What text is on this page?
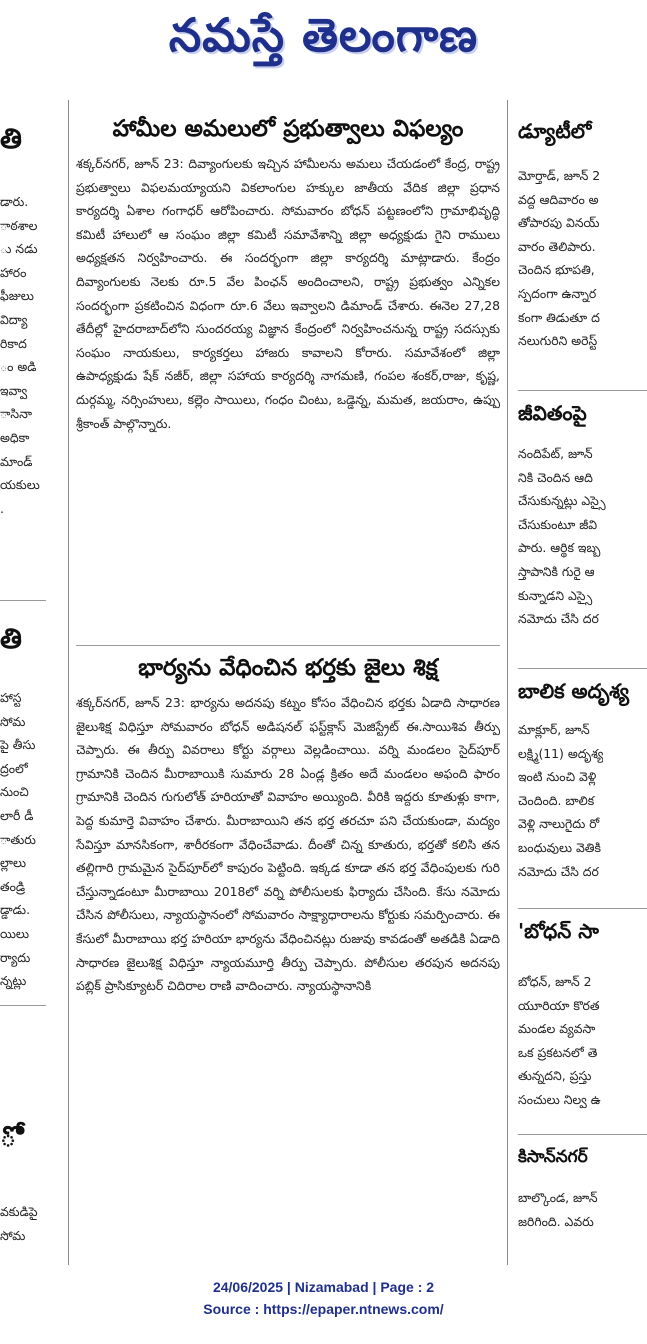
నమస్తే తెలంగాణ
తి
డారు.
ాఠశాల
ు నడు
హారం
ఫీజులు
విద్యా
రికాద
ం అడి
ఇవ్వా
ాసినా
అధికా
మాండ్
యకులు
.
తి
హాస్ట
సోమ
పై తీసు
ద్రంలో
నుంచి
లారీ డీ
ాతురు
ల్లాలు
తండ్రి
డ్డాడు.
యిలు
ర్యాదు
న్నట్లు
ో'
వకుడిపై
సోమ
హామీల అమలులో ప్రభుత్వాలు విఫల్యం

శక్కర్‌నగర్, జూన్ 23: దివ్యాంగులకు ఇచ్చిన హామీలను అమలు చేయడంలో కేంద్ర, రాష్ట్ర ప్రభుత్వాలు విఫలమయ్యాయని వికలాంగుల హక్కుల జాతీయ వేదిక జిల్లా ప్రధాన కార్యదర్శి ఏశాల గంగాధర్ ఆరోపించారు. సోమవారం బోధన్ పట్టణంలోని గ్రామాభివృద్ధి కమిటీ హాలులో ఆ సంఘం జిల్లా కమిటీ సమావేశాన్ని జిల్లా అధ్యక్షుడు గైని రాములు అధ్యక్షతన నిర్వహించారు. ఈ సందర్భంగా జిల్లా కార్యదర్శి మాట్లాడారు. కేంద్రం దివ్యాంగులకు నెలకు రూ.5 వేల పింఛన్ అందించాలని, రాష్ట్ర ప్రభుత్వం ఎన్నికల సందర్భంగా ప్రకటించిన విధంగా రూ.6 వేలు ఇవ్వాలని డిమాండ్ చేశారు. ఈనెల 27,28 తేదీల్లో హైదరాబాద్‌లోని సుందరయ్య విజ్ఞాన కేంద్రంలో నిర్వహించనున్న రాష్ట్ర సదస్సుకు సంఘం నాయకులు, కార్యకర్తలు హాజరు కావాలని కోరారు. సమావేశంలో జిల్లా ఉపాధ్యక్షుడు షేక్ నజీర్, జిల్లా సహాయ కార్యదర్శి నాగమణి, గంపల శంకర్,రాజు, కృష్ణ, దుర్గమ్మ, నర్సింహులు, కల్లెం సాయిలు, గంధం చింటు, ఒడ్డెన్న, మమత, జయరాం, ఉప్పు శ్రీకాంత్ పాల్గొన్నారు.

భార్యను వేధించిన భర్తకు జైలు శిక్ష

శక్కర్‌నగర్, జూన్ 23: భార్యను అదనపు కట్నం కోసం వేధించిన భర్తకు ఏడాది సాధారణ జైలుశిక్ష విధిస్తూ సోమవారం బోధన్ అడిషనల్ ఫస్ట్‌క్లాస్ మెజిస్ట్రేట్ ఈ.సాయిశివ తీర్పు చెప్పారు. ఈ తీర్పు వివరాలు కోర్టు వర్గాలు వెల్లడించాయి. వర్ని మండలం సైద్‌పూర్ గ్రామానికి చెందిన మీరాబాయికి సుమారు 28 ఏండ్ల క్రితం అదే మండలం అఫంది ఫారం గ్రామానికి చెందిన గుగులోత్ హరియాతో వివాహం అయ్యింది. వీరికి ఇద్దరు కూతుళ్లు కాగా, పెద్ద కుమార్తె వివాహం చేశారు. మీరాబాయిని తన భర్త తరచూ పని చేయకుండా, మద్యం సేవిస్తూ మానసికంగా, శారీరకంగా వేధించేవాడు. దీంతో చిన్న కూతురు, భర్తతో కలిసి తన తల్లిగారి గ్రామమైన సైద్‌పూర్‌లో కాపురం పెట్టింది. ఇక్కడ కూడా తన భర్త వేధింపులకు గురి చేస్తున్నాడంటూ మీరాబాయి 2018లో వర్ని పోలీసులకు ఫిర్యాదు చేసింది. కేసు నమోదు చేసిన పోలీసులు, న్యాయస్థానంలో సోమవారం సాక్ష్యాధారాలను కోర్టుకు సమర్పించారు. ఈ కేసులో మీరాబాయి భర్త హరియా భార్యను వేధించినట్లు రుజువు కావడంతో అతడికి ఏడాది సాధారణ జైలుశిక్ష విధిస్తూ న్యాయమూర్తి తీర్పు చెప్పారు. పోలీసుల తరపున అదనపు పబ్లిక్ ప్రాసిక్యూటర్ చిదిరాల రాణి వాదించారు. న్యాయస్థానానికి

డ్యూటీలో
మోర్తాడ్, జూన్ 2
వద్ద ఆదివారం అ
తోపారపు వినయ్
వారం తెలిపారు.
చెందిన భూపతి,
స్పదంగా ఉన్నార
కంగా తిడుతూ ద
నలుగురిని అరెస్ట్
జీవితంపై
నందిపేట్, జూన్
నికి చెందిన ఆది
చేసుకున్నట్లు ఎస్సై
చేసుకుంటూ జీవి
పారు. ఆర్థిక ఇబ్బ
స్తాపానికి గురై ఆ
కున్నాడని ఎస్సై
నమోదు చేసి దర
బాలిక అదృశ్య
మాక్లూర్, జూన్
లక్ష్మి(11) అదృశ్య
ఇంటి నుంచి వెళ్లి
చెందింది. బాలిక
వెళ్లి నాలుగైదు రో
బంధువులు వెతికి
నమోదు చేసి దర
'బోధన్ సా
బోధన్, జూన్ 2
యూరియా కొరత
మండల వ్యవసా
ఒక ప్రకటనలో తె
తున్నదని, ప్రస్తు
సంచులు నిల్వ ఉ
కిసాన్‌నగర్
బాల్కొండ, జూన్
జరిగింది. ఎవరు
24/06/2025 | Nizamabad | Page : 2
Source : https://epaper.ntnews.com/
